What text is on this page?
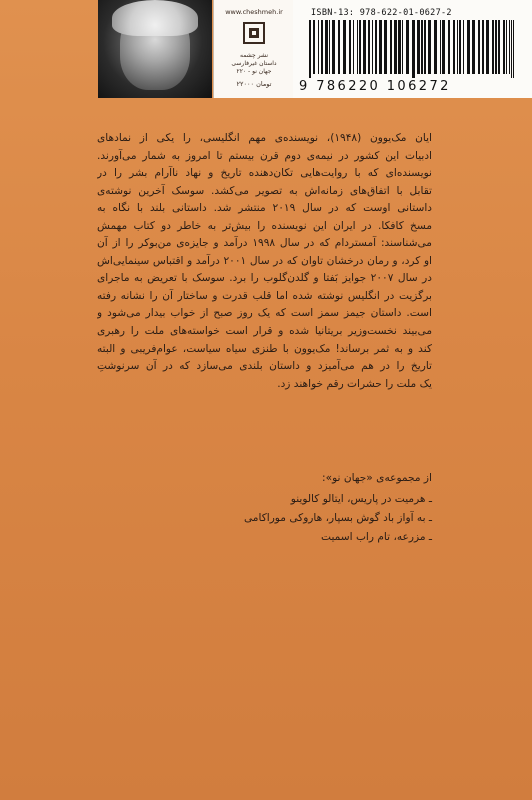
www.cheshmeh.ir
نشر چشمه
داستان غیرفارسی
جهان نو - ۲۲۰
۲۲۰۰۰ تومان
ISBN-13: 978-622-01-0627-2
9 786220 106272
ایان مک‌یوون (۱۹۴۸)، نویسنده‌ی مهم انگلیسی، را یکی از نمادهای
ادبیات این کشور در نیمه‌ی دوم قرن بیستم تا امروز به شمار می‌آورند.
نویسنده‌ای که با روایت‌هایی تکان‌دهنده تاریخ و نهاد ناآرام بشر را در
تقابل با اتفاق‌های زمانه‌اش به تصویر می‌کشد. سوسک آخرین نوشته‌ی
داستانی اوست که در سال ۲۰۱۹ منتشر شد. داستانی بلند با نگاه به
مسخ کافکا. در ایران این نویسنده را بیش‌تر به خاطر دو کتاب مهمش
می‌شناسند: آمستردام که در سال ۱۹۹۸ درآمد و جایزه‌ی من‌بوکر را از آن
او کرد، و رمان درخشان تاوان که در سال ۲۰۰۱ درآمد و اقتباس سینمایی‌اش
در سال ۲۰۰۷ جوایز بَفتا و گلدن‌گلوب را برد. سوسک با تعریض به ماجرای
برگزیت در انگلیس نوشته شده اما قلب قدرت و ساختار آن را نشانه رفته
است. داستان جیمز سمز است که یک روز صبح از خواب بیدار می‌شود و
می‌بیند نخست‌وزیر بریتانیا شده و قرار است خواسته‌های ملت را رهبری
کند و به ثمر برساند! مک‌یوون با طنزی سیاه سیاست، عوام‌فریبی و البته
تاریخ را در هم می‌آمیزد و داستان بلندی می‌سازد که در آن سرنوشتِ
یک ملت را حشرات رقم خواهند زد.
از مجموعه‌ی «جهان نو»:
ـ هرمیت در پاریس، ایتالو کالوینو
ـ به آواز باد گوش بسپار، هاروکی موراکامی
ـ مزرعه، تام راب اسمیت
